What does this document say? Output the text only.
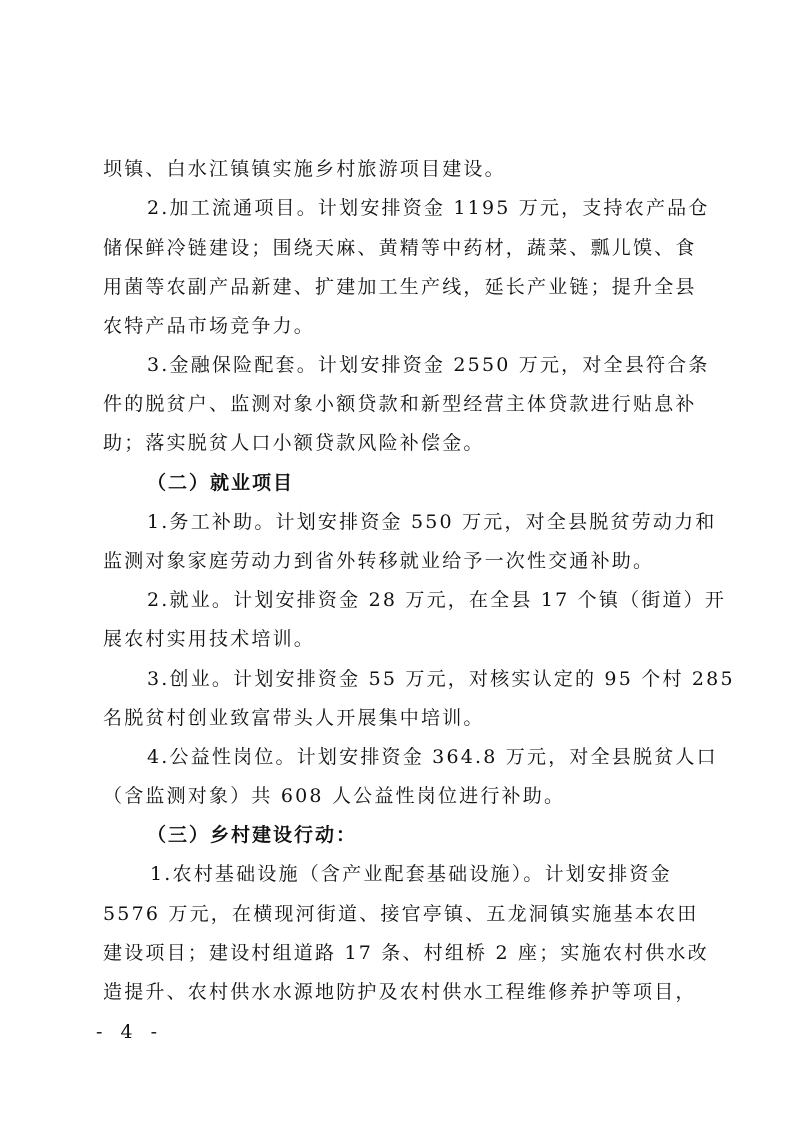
坝镇、白水江镇镇实施乡村旅游项目建设。
2.加工流通项目。计划安排资金 1195 万元，支持农产品仓
储保鲜冷链建设；围绕天麻、黄精等中药材，蔬菜、瓢儿馍、食
用菌等农副产品新建、扩建加工生产线，延长产业链；提升全县
农特产品市场竞争力。
3.金融保险配套。计划安排资金 2550 万元，对全县符合条
件的脱贫户、监测对象小额贷款和新型经营主体贷款进行贴息补
助；落实脱贫人口小额贷款风险补偿金。
（二）就业项目
1.务工补助。计划安排资金 550 万元，对全县脱贫劳动力和
监测对象家庭劳动力到省外转移就业给予一次性交通补助。
2.就业。计划安排资金 28 万元，在全县 17 个镇（街道）开
展农村实用技术培训。
3.创业。计划安排资金 55 万元，对核实认定的 95 个村 285
名脱贫村创业致富带头人开展集中培训。
4.公益性岗位。计划安排资金 364.8 万元，对全县脱贫人口
（含监测对象）共 608 人公益性岗位进行补助。
（三）乡村建设行动：
1.农村基础设施（含产业配套基础设施）。计划安排资金
5576 万元，在横现河街道、接官亭镇、五龙洞镇实施基本农田
建设项目；建设村组道路 17 条、村组桥 2 座；实施农村供水改
造提升、农村供水水源地防护及农村供水工程维修养护等项目，
- 4 -
